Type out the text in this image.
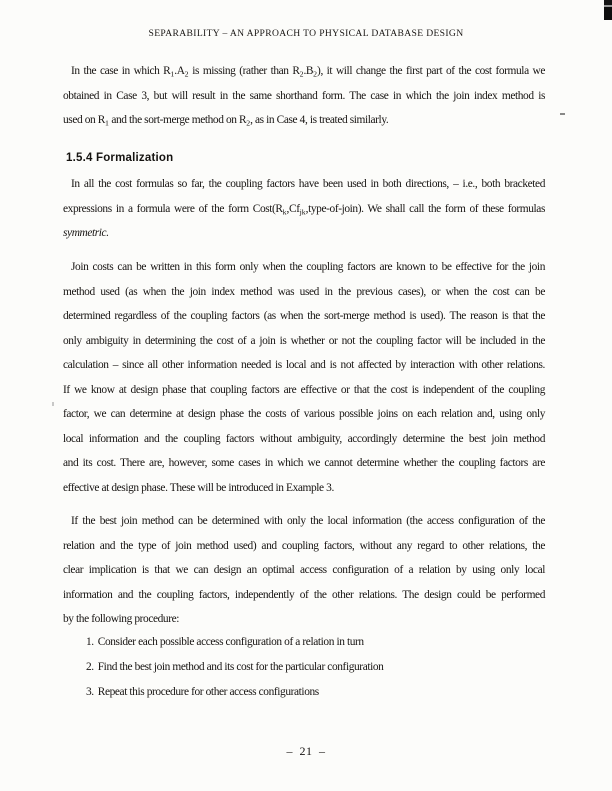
SEPARABILITY – AN APPROACH TO PHYSICAL DATABASE DESIGN
In the case in which $R_1.A_2$ is missing (rather than $R_2.B_2$), it will change the first part of the cost formula we
obtained in Case 3, but will result in the same shorthand form. The case in which the join index method is
used on $R_1$ and the sort-merge method on $R_2$, as in Case 4, is treated similarly.
1.5.4 Formalization
In all the cost formulas so far, the coupling factors have been used in both directions, – i.e., both bracketed
expressions in a formula were of the form $Cost(R_k,Cf_{jk},type-of-join)$. We shall call the form of these formulas
symmetric.
Join costs can be written in this form only when the coupling factors are known to be effective for the join
method used (as when the join index method was used in the previous cases), or when the cost can be
determined regardless of the coupling factors (as when the sort-merge method is used). The reason is that the
only ambiguity in determining the cost of a join is whether or not the coupling factor will be included in the
calculation – since all other information needed is local and is not affected by interaction with other relations.
If we know at design phase that coupling factors are effective or that the cost is independent of the coupling
factor, we can determine at design phase the costs of various possible joins on each relation and, using only
local information and the coupling factors without ambiguity, accordingly determine the best join method
and its cost. There are, however, some cases in which we cannot determine whether the coupling factors are
effective at design phase. These will be introduced in Example 3.
If the best join method can be determined with only the local information (the access configuration of the
relation and the type of join method used) and coupling factors, without any regard to other relations, the
clear implication is that we can design an optimal access configuration of a relation by using only local
information and the coupling factors, independently of the other relations. The design could be performed
by the following procedure:
1. Consider each possible access configuration of a relation in turn
2. Find the best join method and its cost for the particular configuration
3. Repeat this procedure for other access configurations
– 21 –
